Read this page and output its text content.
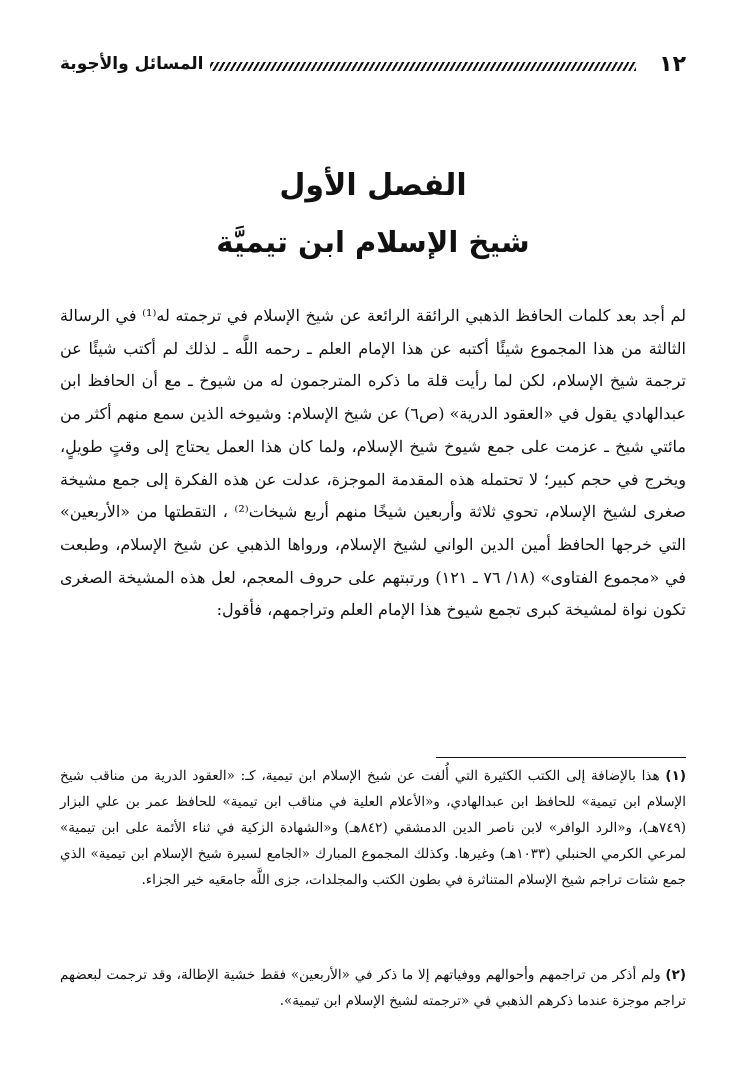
١٢
المسائل والأجوبة
الفصل الأول
شيخ الإسلام ابن تيميَّة

لم أجد بعد كلمات الحافظ الذهبي الرائقة الرائعة عن شيخ الإسلام في ترجمته له⁽¹⁾ في الرسالة الثالثة من هذا المجموع شيئًا أكتبه عن هذا الإمام العلم ـ رحمه اللَّه ـ لذلك لم أكتب شيئًا عن ترجمة شيخ الإسلام، لكن لما رأيت قلة ما ذكره المترجمون له من شيوخ ـ مع أن الحافظ ابن عبدالهادي يقول في «العقود الدرية» (ص٦) عن شيخ الإسلام: وشيوخه الذين سمع منهم أكثر من مائتي شيخ ـ عزمت على جمع شيوخ شيخ الإسلام، ولما كان هذا العمل يحتاج إلى وقتٍ طويلٍ، ويخرج في حجم كبير؛ لا تحتمله هذه المقدمة الموجزة، عدلت عن هذه الفكرة إلى جمع مشيخة صغرى لشيخ الإسلام، تحوي ثلاثة وأربعين شيخًا منهم أربع شيخات⁽²⁾ ، التقطتها من «الأربعين» التي خرجها الحافظ أمين الدين الواني لشيخ الإسلام، ورواها الذهبي عن شيخ الإسلام، وطبعت في «مجموع الفتاوى» (١٨/ ٧٦ ـ ١٢١) ورتبتهم على حروف المعجم، لعل هذه المشيخة الصغرى تكون نواة لمشيخة كبرى تجمع شيوخ هذا الإمام العلم وتراجمهم، فأقول:

(١) هذا بالإضافة إلى الكتب الكثيرة التي أُلفت عن شيخ الإسلام ابن تيمية، كـ: «العقود الدرية من مناقب شيخ الإسلام ابن تيمية» للحافظ ابن عبدالهادي، و«الأعلام العلية في مناقب ابن تيمية» للحافظ عمر بن علي البزار (٧٤٩هـ)، و«الرد الوافر» لابن ناصر الدين الدمشقي (٨٤٢هـ) و«الشهادة الزكية في ثناء الأئمة على ابن تيمية» لمرعي الكرمي الحنبلي (١٠٣٣هـ) وغيرها. وكذلك المجموع المبارك «الجامع لسيرة شيخ الإسلام ابن تيمية» الذي جمع شتات تراجم شيخ الإسلام المتناثرة في بطون الكتب والمجلدات، جزى اللَّه جامعَيه خير الجزاء.

(٢) ولم أذكر من تراجمهم وأحوالهم ووفياتهم إلا ما ذكر في «الأربعين» فقط خشية الإطالة، وقد ترجمت لبعضهم تراجم موجزة عندما ذكرهم الذهبي في «ترجمته لشيخ الإسلام ابن تيمية».
